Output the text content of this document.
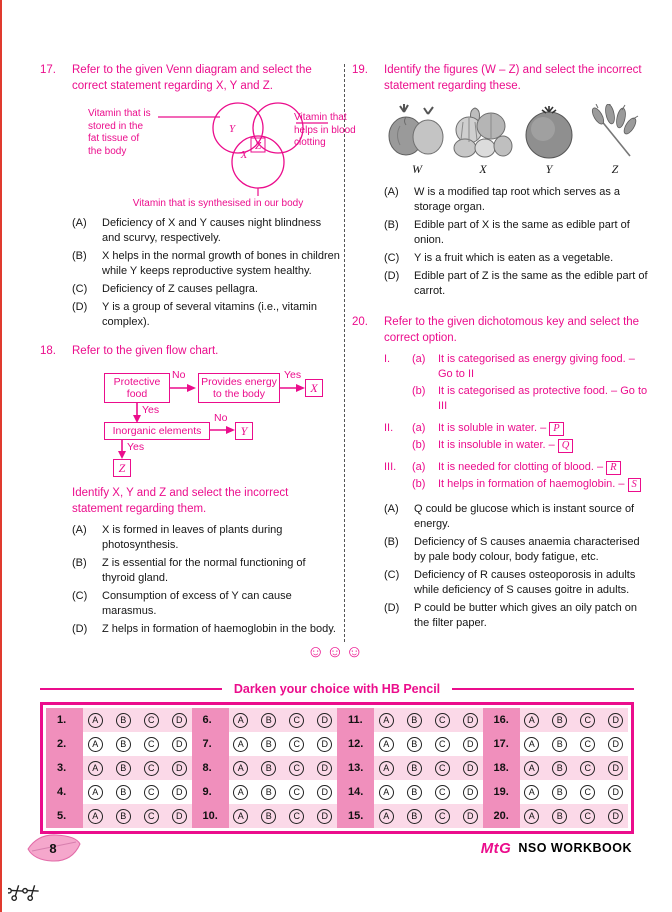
17.	Refer to the given Venn diagram and select the correct statement regarding X, Y and Z.
Y
Z
X
Vitamin that is stored in the fat tissue of the body
Vitamin that helps in blood clotting
Vitamin that is synthesised in our body
(A)	Deficiency of X and Y causes night blindness and scurvy, respectively.
(B)	X helps in the normal growth of bones in children while Y keeps reproductive system healthy.
(C)	Deficiency of Z causes pellagra.
(D)	Y is a group of several vitamins (i.e., vitamin complex).
18.	Refer to the given flow chart.
Protective food
No
Provides energy to the body
Yes
X
Yes
Inorganic elements
No
Y
Yes
Z
Identify X, Y and Z and select the incorrect statement regarding them.
(A)	X is formed in leaves of plants during photosynthesis.
(B)	Z is essential for the normal functioning of thyroid gland.
(C)	Consumption of excess of Y can cause marasmus.
(D)	Z helps in formation of haemoglobin in the body.
19.	Identify the figures (W – Z) and select the incorrect statement regarding these.
W	X	Y	Z
(A)	W is a modified tap root which serves as a storage organ.
(B)	Edible part of X is the same as edible part of onion.
(C)	Y is a fruit which is eaten as a vegetable.
(D)	Edible part of Z is the same as the edible part of carrot.
20.	Refer to the given dichotomous key and select the correct option.
I.	(a)	It is categorised as energy giving food. – Go to II
(b)	It is categorised as protective food. – Go to III
II.	(a)	It is soluble in water. – P
(b)	It is insoluble in water. – Q
III.	(a)	It is needed for clotting of blood. – R
(b)	It helps in formation of haemoglobin. – S
(A)	Q could be glucose which is instant source of energy.
(B)	Deficiency of S causes anaemia characterised by pale body colour, body fatigue, etc.
(C)	Deficiency of R causes osteoporosis in adults while deficiency of S causes goitre in adults.
(D)	P could be butter which gives an oily patch on the filter paper.
☺☺☺
Darken your choice with HB Pencil
1.	A	B	C	D	6.	A	B	C	D	11.	A	B	C	D	16.	A	B	C	D
2.	A	B	C	D	7.	A	B	C	D	12.	A	B	C	D	17.	A	B	C	D
3.	A	B	C	D	8.	A	B	C	D	13.	A	B	C	D	18.	A	B	C	D
4.	A	B	C	D	9.	A	B	C	D	14.	A	B	C	D	19.	A	B	C	D
5.	A	B	C	D	10.	A	B	C	D	15.	A	B	C	D	20.	A	B	C	D
8	MtG NSO WORKBOOK
